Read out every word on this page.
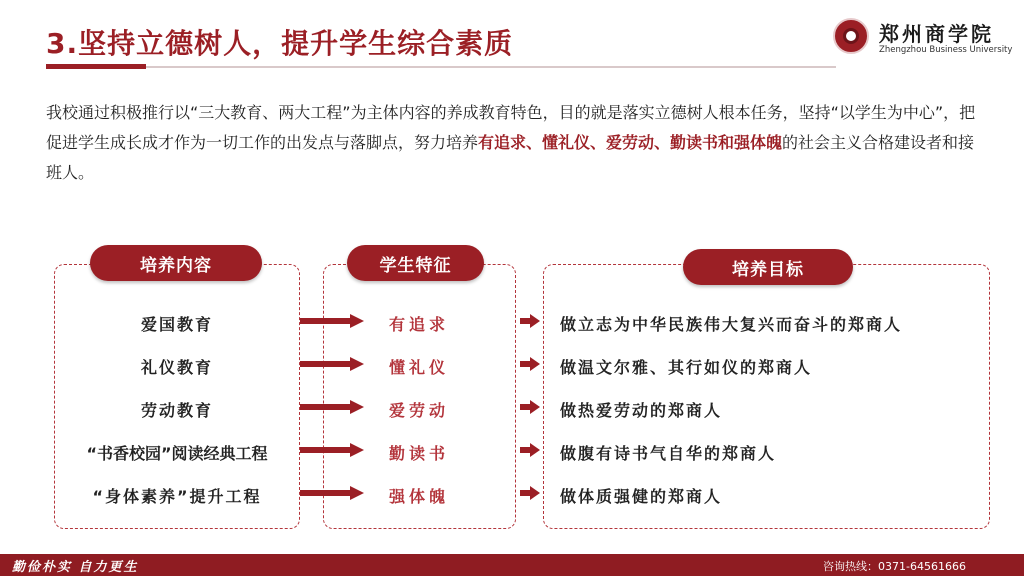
3.坚持立德树人，提升学生综合素质	郑州商学院
Zhengzhou Business University
我校通过积极推行以“三大教育、两大工程”为主体内容的养成教育特色，目的就是落实立德树人根本任务，坚持“以学生为中心”，把促进学生成长成才作为一切工作的出发点与落脚点，努力培养有追求、懂礼仪、爱劳动、勤读书和强体魄的社会主义合格建设者和接班人。
培养内容	学生特征	培养目标
爱国教育	有追求	做立志为中华民族伟大复兴而奋斗的郑商人
礼仪教育	懂礼仪	做温文尔雅、其行如仪的郑商人
劳动教育	爱劳动	做热爱劳动的郑商人
“书香校园”阅读经典工程	勤读书	做腹有诗书气自华的郑商人
“身体素养”提升工程	强体魄	做体质强健的郑商人
勤俭朴实 自力更生	咨询热线：0371-64561666
